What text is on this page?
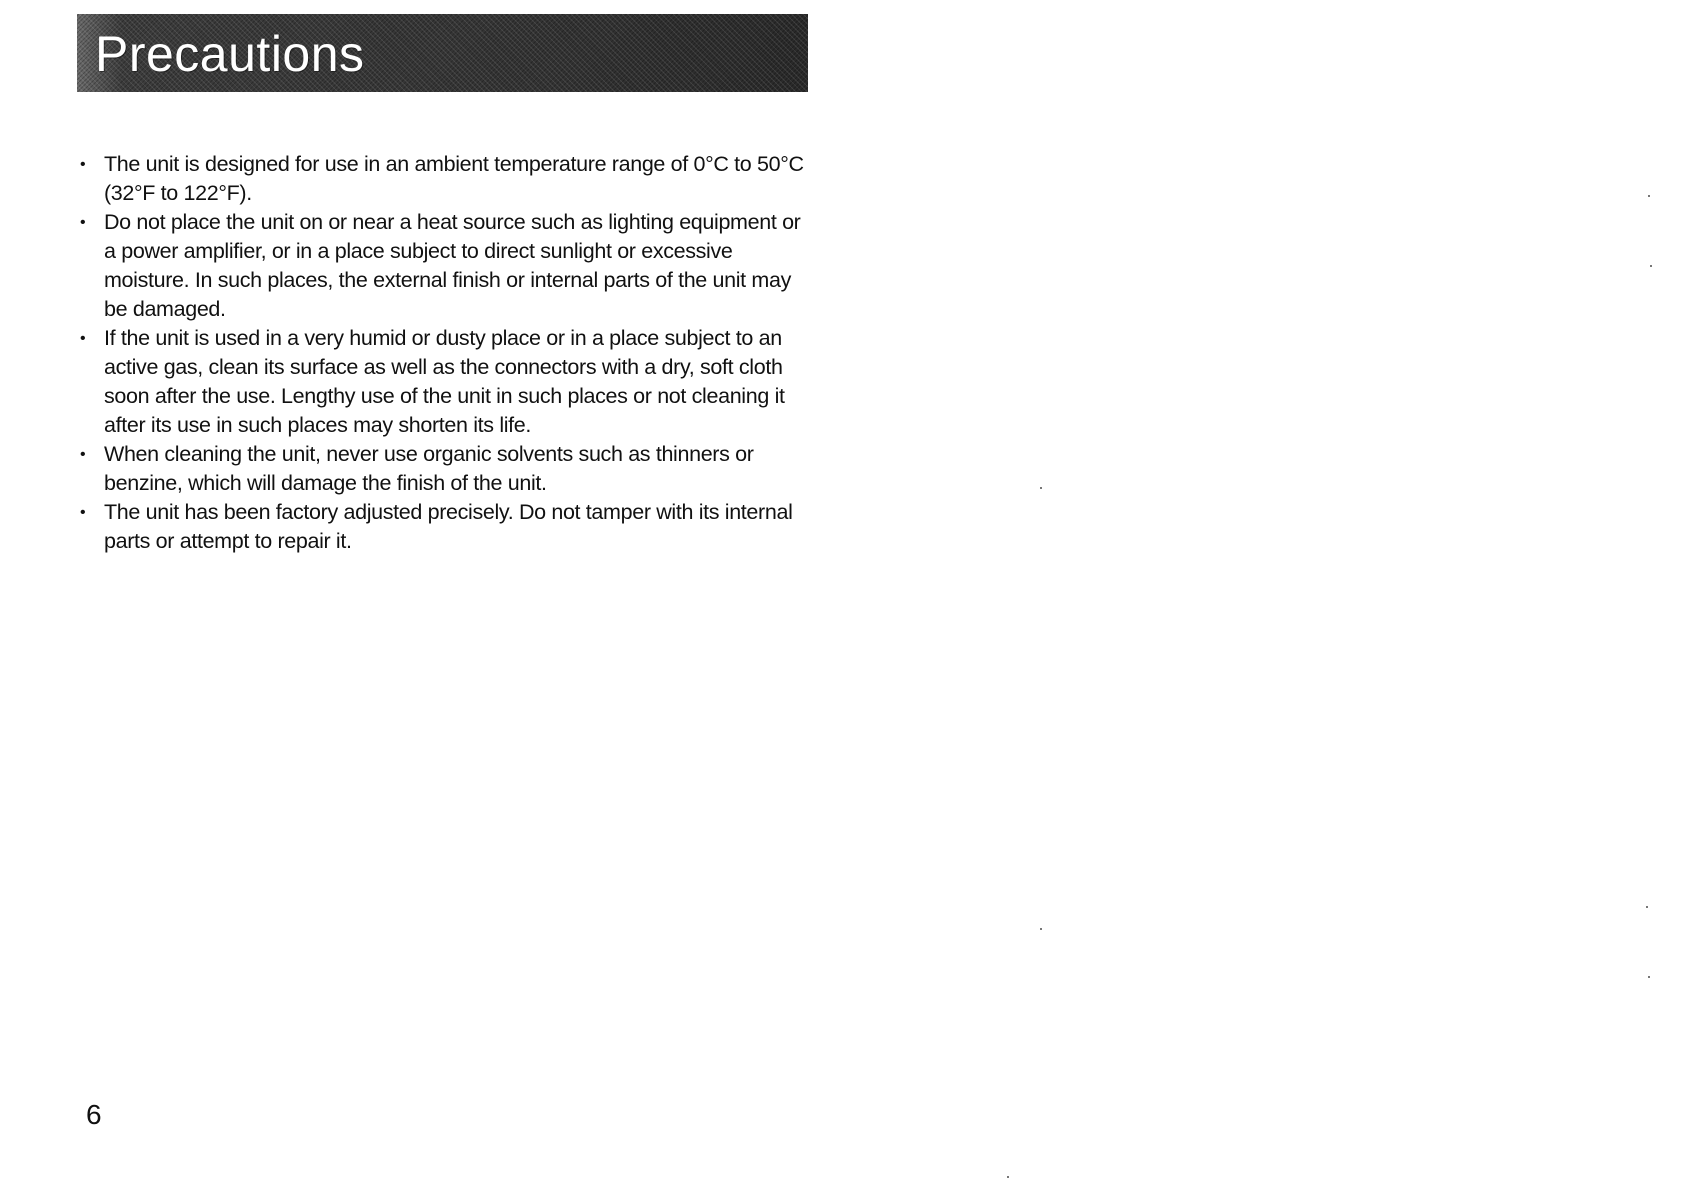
Precautions
• The unit is designed for use in an ambient temperature range of 0°C to 50°C (32°F to 122°F).
• Do not place the unit on or near a heat source such as lighting equipment or a power amplifier, or in a place subject to direct sunlight or excessive moisture. In such places, the external finish or internal parts of the unit may be damaged.
• If the unit is used in a very humid or dusty place or in a place subject to an active gas, clean its surface as well as the connectors with a dry, soft cloth soon after the use. Lengthy use of the unit in such places or not cleaning it after its use in such places may shorten its life.
• When cleaning the unit, never use organic solvents such as thinners or benzine, which will damage the finish of the unit.
• The unit has been factory adjusted precisely. Do not tamper with its internal parts or attempt to repair it.
6
